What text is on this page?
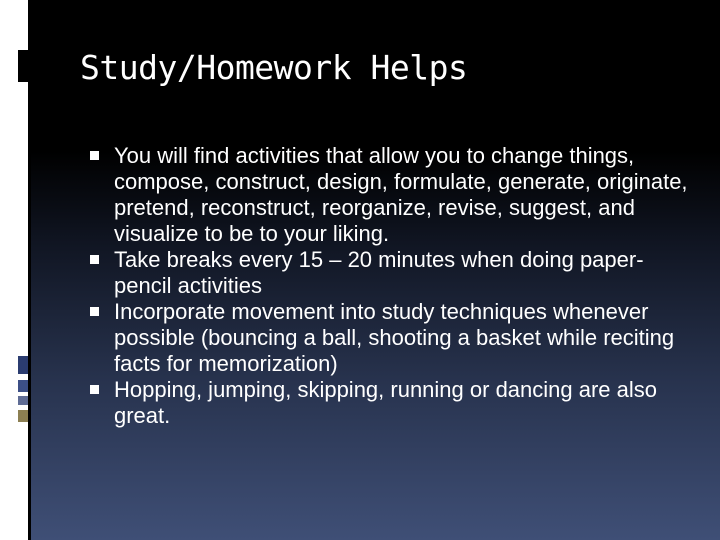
Study/Homework Helps
You will find activities that allow you to change things, compose, construct, design, formulate, generate, originate, pretend, reconstruct, reorganize, revise, suggest, and visualize to be to your liking.
Take breaks every 15 – 20 minutes when doing paper-pencil activities
Incorporate movement into study techniques whenever possible (bouncing a ball, shooting a basket while reciting facts for memorization)
Hopping, jumping, skipping, running or dancing are also great.
